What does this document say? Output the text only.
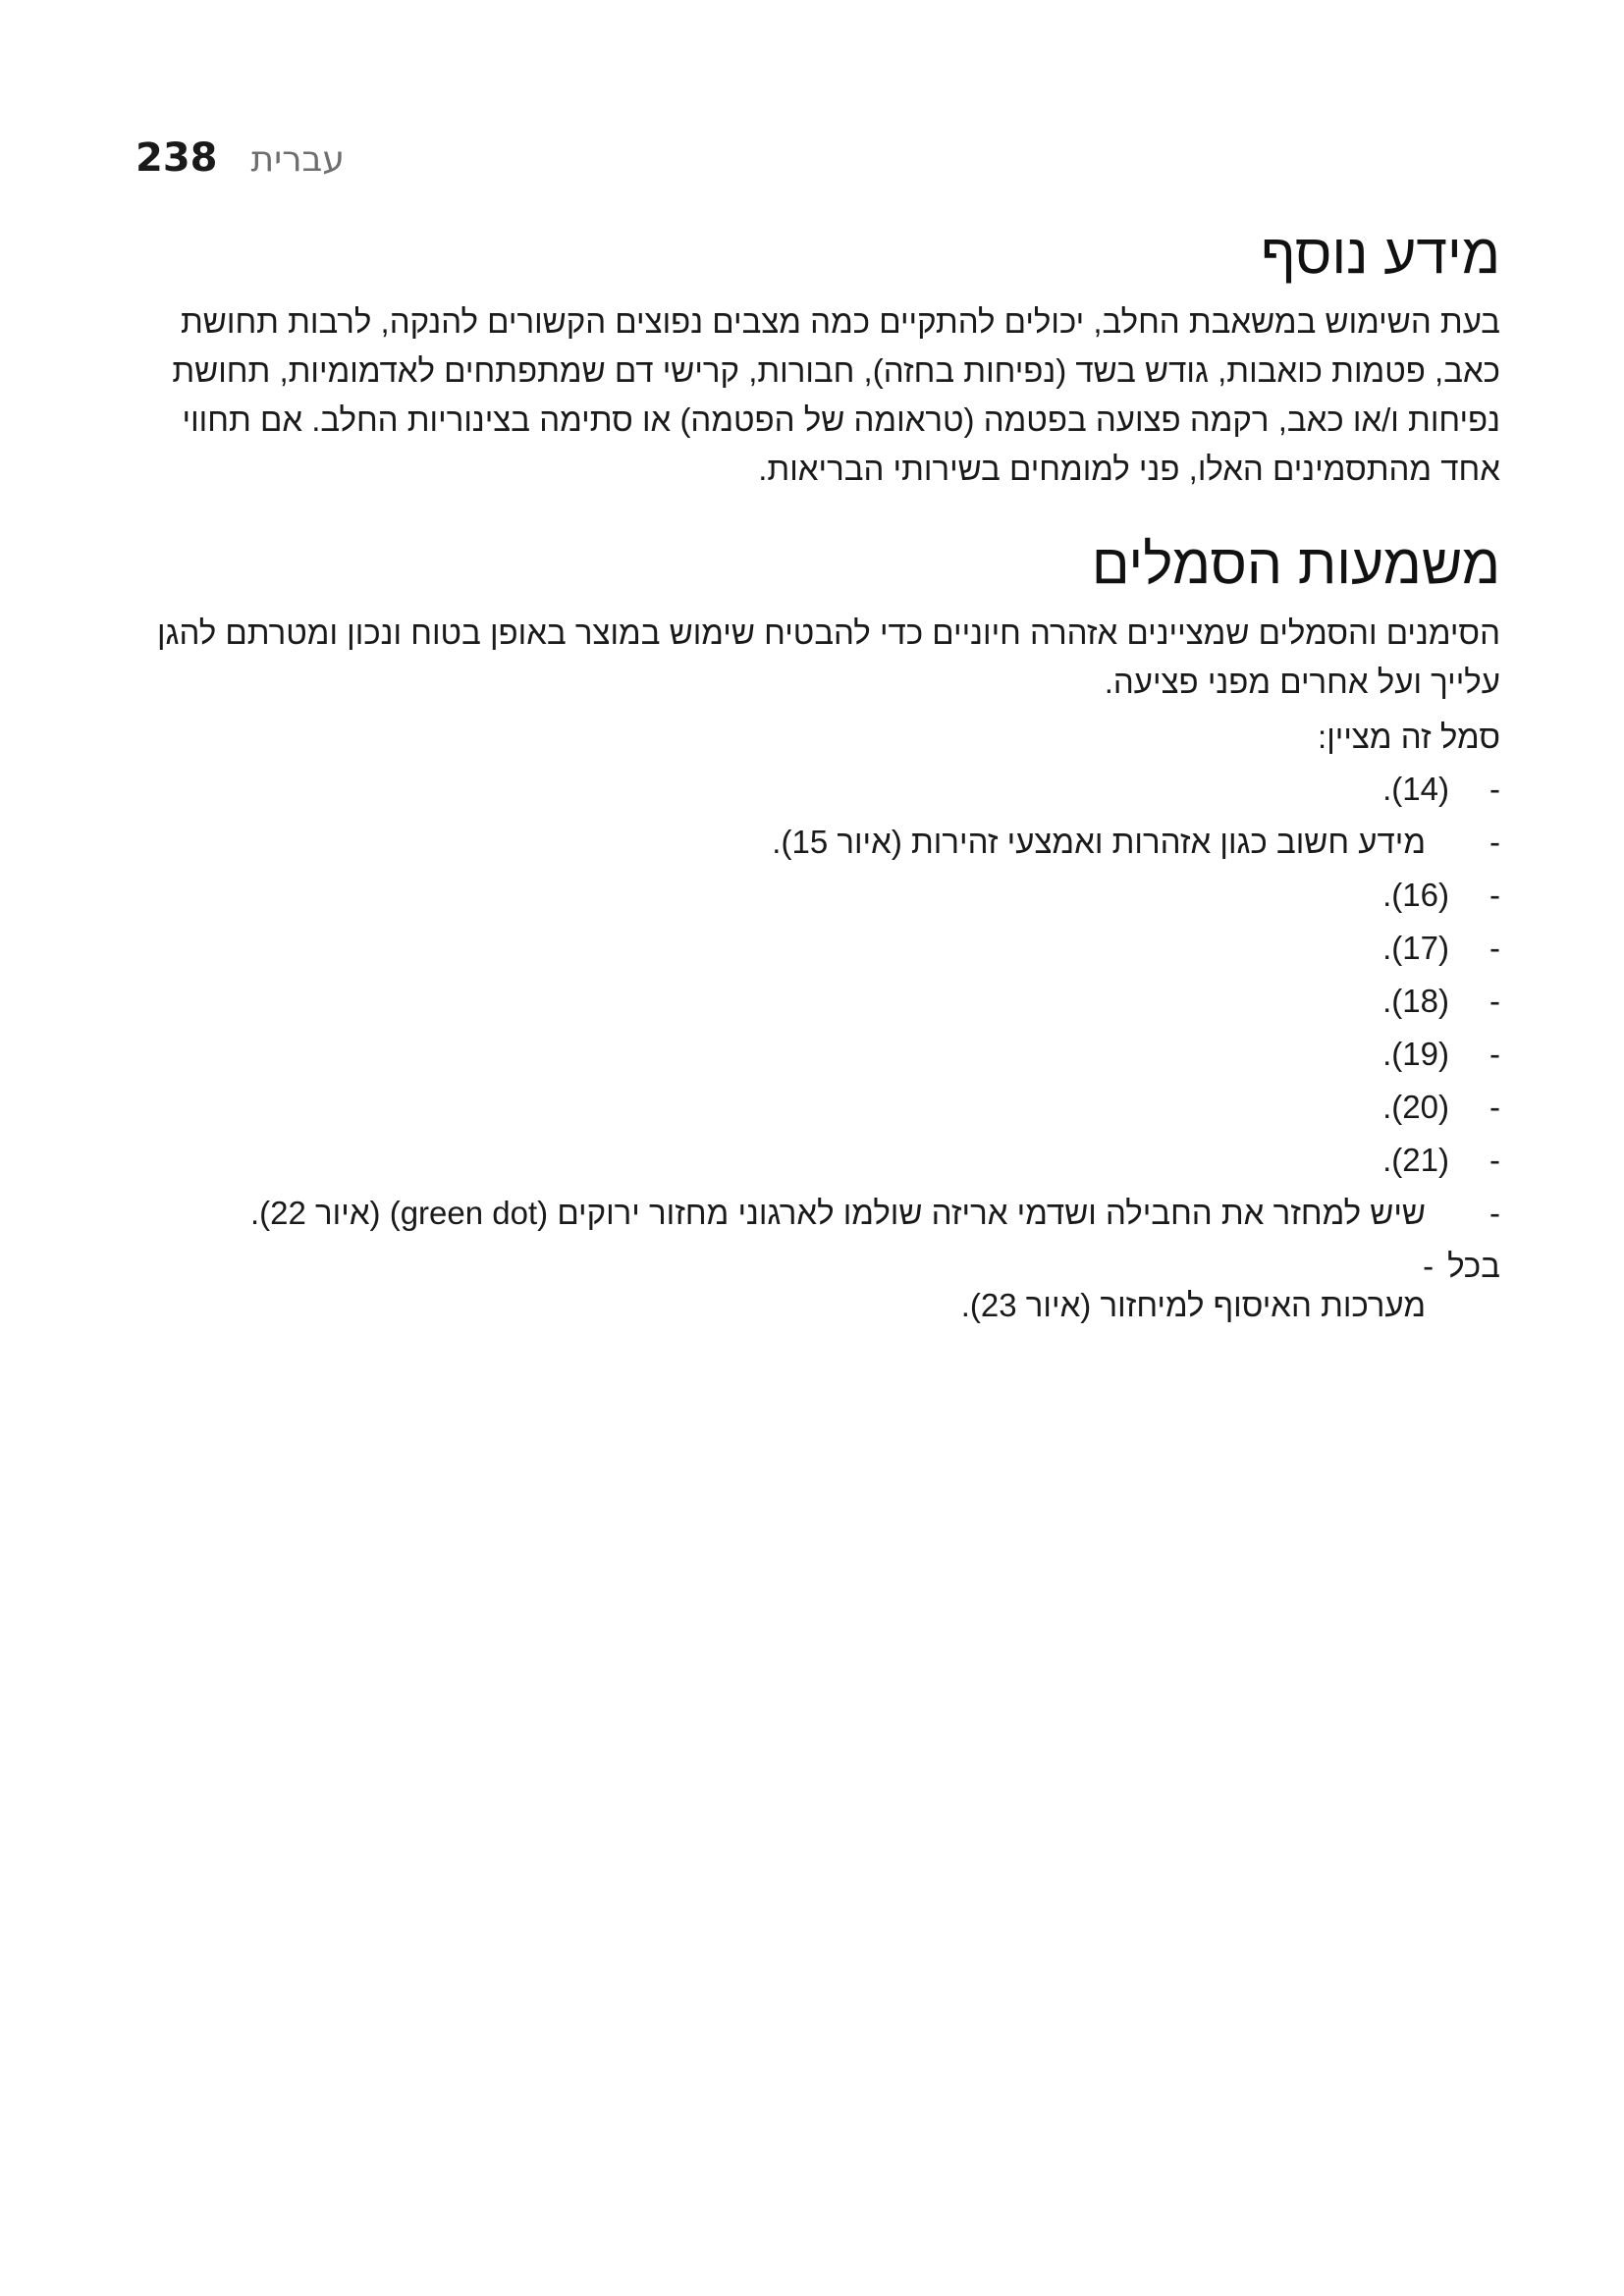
238 עברית
מידע נוסף

בעת השימוש במשאבת החלב, יכולים להתקיים כמה מצבים נפוצים הקשורים להנקה, לרבות תחושת כאב, פטמות כואבות, גודש בשד (נפיחות בחזה), חבורות, קרישי דם שמתפתחים לאדמומיות, תחושת נפיחות ו/או כאב, רקמה פצועה בפטמה (טראומה של הפטמה) או סתימה בצינוריות החלב. אם תחווי אחד מהתסמינים האלו, פני למומחים בשירותי הבריאות.

משמעות הסמלים

הסימנים והסמלים שמציינים אזהרה חיוניים כדי להבטיח שימוש במוצר באופן בטוח ונכון ומטרתם להגן עלייך ועל אחרים מפני פציעה.

סמל זה מציין:

-
(14).
-
מידע חשוב כגון אזהרות ואמצעי זהירות (איור 15).
-
(16).
-
(17).
-
(18).
-
(19).
-
(20).
-
(21).
-
שיש למחזר את החבילה ושדמי אריזה שולמו לארגוני מחזור ירוקים (green dot) (איור 22).
בכל
-
מערכות האיסוף למיחזור (איור 23).
